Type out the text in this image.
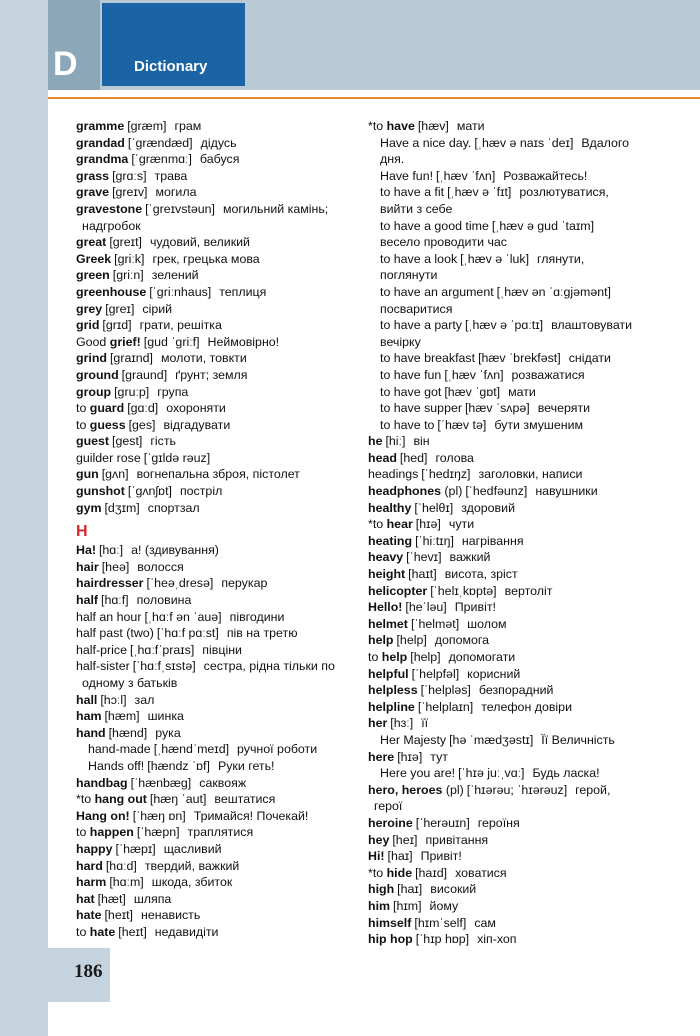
D	Dictionary
gramme [græm] грам
grandad [ˈgrændæd] дідусь
grandma [ˈgrænmɑː] бабуся
grass [grɑːs] трава
grave [greɪv] могила
gravestone [ˈgreɪvstəun] могильний камінь;
надгробок
great [greɪt] чудовий, великий
Greek [griːk] грек, грецька мова
green [griːn] зелений
greenhouse [ˈgriːnhaus] теплиця
grey [greɪ] сірий
grid [grɪd] грати, решітка
Good grief! [gud ˈgriːf] Неймовірно!
grind [graɪnd] молоти, товкти
ground [graund] ґрунт; земля
group [gruːp] група
to guard [gɑːd] охороняти
to guess [ges] відгадувати
guest [gest] гість
guilder rose [ˈgɪldə rəuz]
gun [gʌn] вогнепальна зброя, пістолет
gunshot [ˈgʌnʃɒt] постріл
gym [dʒɪm] спортзал
H
Ha! [hɑː] а! (здивування)
hair [heə] волосся
hairdresser [ˈheəˌdresə] перукар
half [hɑːf] половина
half an hour [ˌhɑːf ən ˈauə] півгодини
half past (two) [ˈhɑːf pɑːst] пів на третю
half-price [ˌhɑːfˈpraɪs] півціни
half-sister [ˈhɑːfˌsɪstə] сестра, рідна тільки по
одному з батьків
hall [hɔːl] зал
ham [hæm] шинка
hand [hænd] рука
hand-made [ˌhændˈmeɪd] ручної роботи
Hands off! [hændz ˈɒf] Руки геть!
handbag [ˈhænbæg] саквояж
*to hang out [hæŋ ˈaut] вештатися
Hang on! [ˈhæŋ ɒn] Тримайся! Почекай!
to happen [ˈhæpn] траплятися
happy [ˈhæpɪ] щасливий
hard [hɑːd] твердий, важкий
harm [hɑːm] шкода, збиток
hat [hæt] шляпа
hate [heɪt] ненависть
to hate [heɪt] недавидіти
*to have [hæv] мати
Have a nice day. [ˌhæv ə naɪs ˈdeɪ] Вдалого
дня.
Have fun! [ˌhæv ˈfʌn] Розважайтесь!
to have a fit [ˌhæv ə ˈfɪt] розлютуватися,
вийти з себе
to have a good time [ˌhæv ə gud ˈtaɪm]
весело проводити час
to have a look [ˌhæv ə ˈluk] глянути,
поглянути
to have an argument [ˌhæv ən ˈɑːgjəmənt]
посваритися
to have a party [ˌhæv ə ˈpɑːtɪ] влаштовувати
вечірку
to have breakfast [hæv ˈbrekfəst] снідати
to have fun [ˌhæv ˈfʌn] розважатися
to have got [hæv ˈgɒt] мати
to have supper [hæv ˈsʌpə] вечеряти
to have to [ˈhæv tə] бути змушеним
he [hiː] він
head [hed] голова
headings [ˈhedɪŋz] заголовки, написи
headphones (pl) [ˈhedfəunz] навушники
healthy [ˈhelθɪ] здоровий
*to hear [hɪə] чути
heating [ˈhiːtɪŋ] нагрівання
heavy [ˈhevɪ] важкий
height [haɪt] висота, зріст
helicopter [ˈhelɪˌkɒptə] вертоліт
Hello! [heˈləu] Привіт!
helmet [ˈhelmət] шолом
help [help] допомога
to help [help] допомогати
helpful [ˈhelpfəl] корисний
helpless [ˈhelpləs] безпорадний
helpline [ˈhelplaɪn] телефон довіри
her [hɜː] її
Her Majesty [hə ˈmædʒəstɪ] Її Величність
here [hɪə] тут
Here you are! [ˈhɪə juːˌvɑː] Будь ласка!
hero, heroes (pl) [ˈhɪərəu; ˈhɪərəuz] герой,
герої
heroine [ˈherəuɪn] героїня
hey [heɪ] привітання
Hi! [haɪ] Привіт!
*to hide [haɪd] ховатися
high [haɪ] високий
him [hɪm] йому
himself [hɪmˈself] сам
hip hop [ˈhɪp hɒp] хіп-хоп
186
